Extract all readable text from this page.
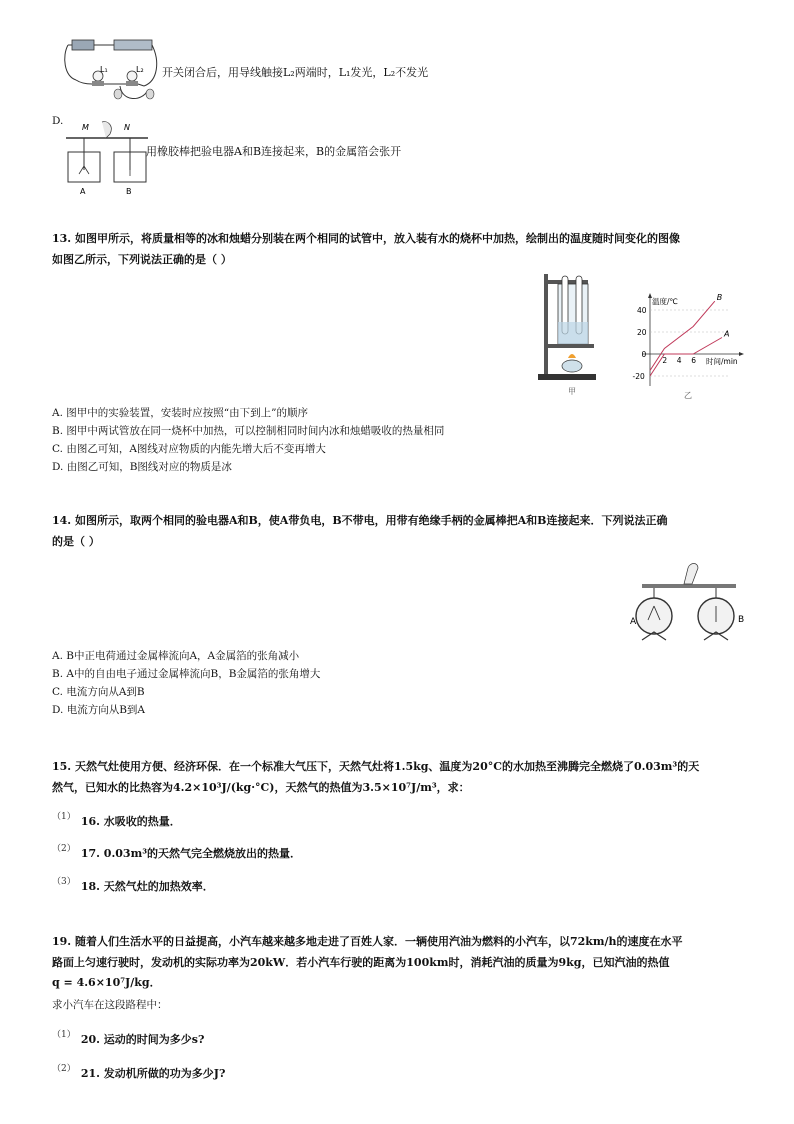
L₁	L₂ 开关闭合后，用导线触接L₂两端时，L₁发光，L₂不发光
D.
M	N
A	B
用橡胶棒把验电器A和B连接起来，B的金属箔会张开
13. 如图甲所示，将质量相等的冰和烛蜡分别装在两个相同的试管中，放入装有水的烧杯中加热，绘制出的温度随时间变化的图像
如图乙所示，下列说法正确的是（ ）
甲
温度/℃
时间/min
2 4 6
40
20
0
-20
A
B
乙
A. 图甲中的实验装置，安装时应按照“由下到上”的顺序
B. 图甲中两试管放在同一烧杯中加热，可以控制相同时间内冰和烛蜡吸收的热量相同
C. 由图乙可知，A图线对应物质的内能先增大后不变再增大
D. 由图乙可知，B图线对应的物质是冰
14. 如图所示，取两个相同的验电器A和B，使A带负电，B不带电，用带有绝缘手柄的金属棒把A和B连接起来．下列说法正确
的是（ ）
A	B
A. B中正电荷通过金属棒流向A，A金属箔的张角减小
B. A中的自由电子通过金属棒流向B，B金属箔的张角增大
C. 电流方向从A到B
D. 电流方向从B到A
15. 天然气灶使用方便、经济环保．在一个标准大气压下，天然气灶将1.5kg、温度为20°C的水加热至沸腾完全燃烧了0.03m³的天
然气，已知水的比热容为4.2×10³J/(kg·°C)，天然气的热值为3.5×10⁷J/m³，求：
（1） $_{16. 水吸收的热量.}$
（2） $_{17. 0.03m^3的天然气完全燃烧放出的热量.}$
（3） $_{18. 天然气灶的加热效率.}$
19. 随着人们生活水平的日益提高，小汽车越来越多地走进了百姓人家．一辆使用汽油为燃料的小汽车，以72km/h的速度在水平
路面上匀速行驶时，发动机的实际功率为20kW．若小汽车行驶的距离为100km时，消耗汽油的质量为9kg，已知汽油的热值
q = 4.6×10⁷J/kg．
求小汽车在这段路程中：
（1） $_{20. 运动的时间为多少s?}$
（2） $_{21. 发动机所做的功为多少J?}$
